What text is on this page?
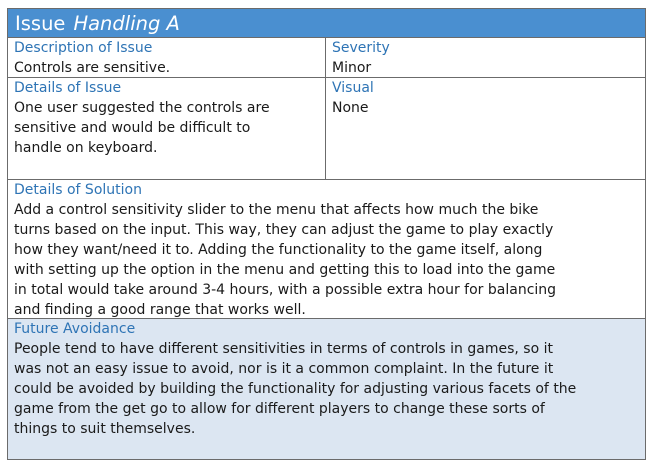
Issue Handling A
Description of Issue
Controls are sensitive.
Severity
Minor
Details of Issue
One user suggested the controls are
sensitive and would be difficult to
handle on keyboard.
Visual
None
Details of Solution
Add a control sensitivity slider to the menu that affects how much the bike
turns based on the input. This way, they can adjust the game to play exactly
how they want/need it to. Adding the functionality to the game itself, along
with setting up the option in the menu and getting this to load into the game
in total would take around 3-4 hours, with a possible extra hour for balancing
and finding a good range that works well.
Future Avoidance
People tend to have different sensitivities in terms of controls in games, so it
was not an easy issue to avoid, nor is it a common complaint. In the future it
could be avoided by building the functionality for adjusting various facets of the
game from the get go to allow for different players to change these sorts of
things to suit themselves.
